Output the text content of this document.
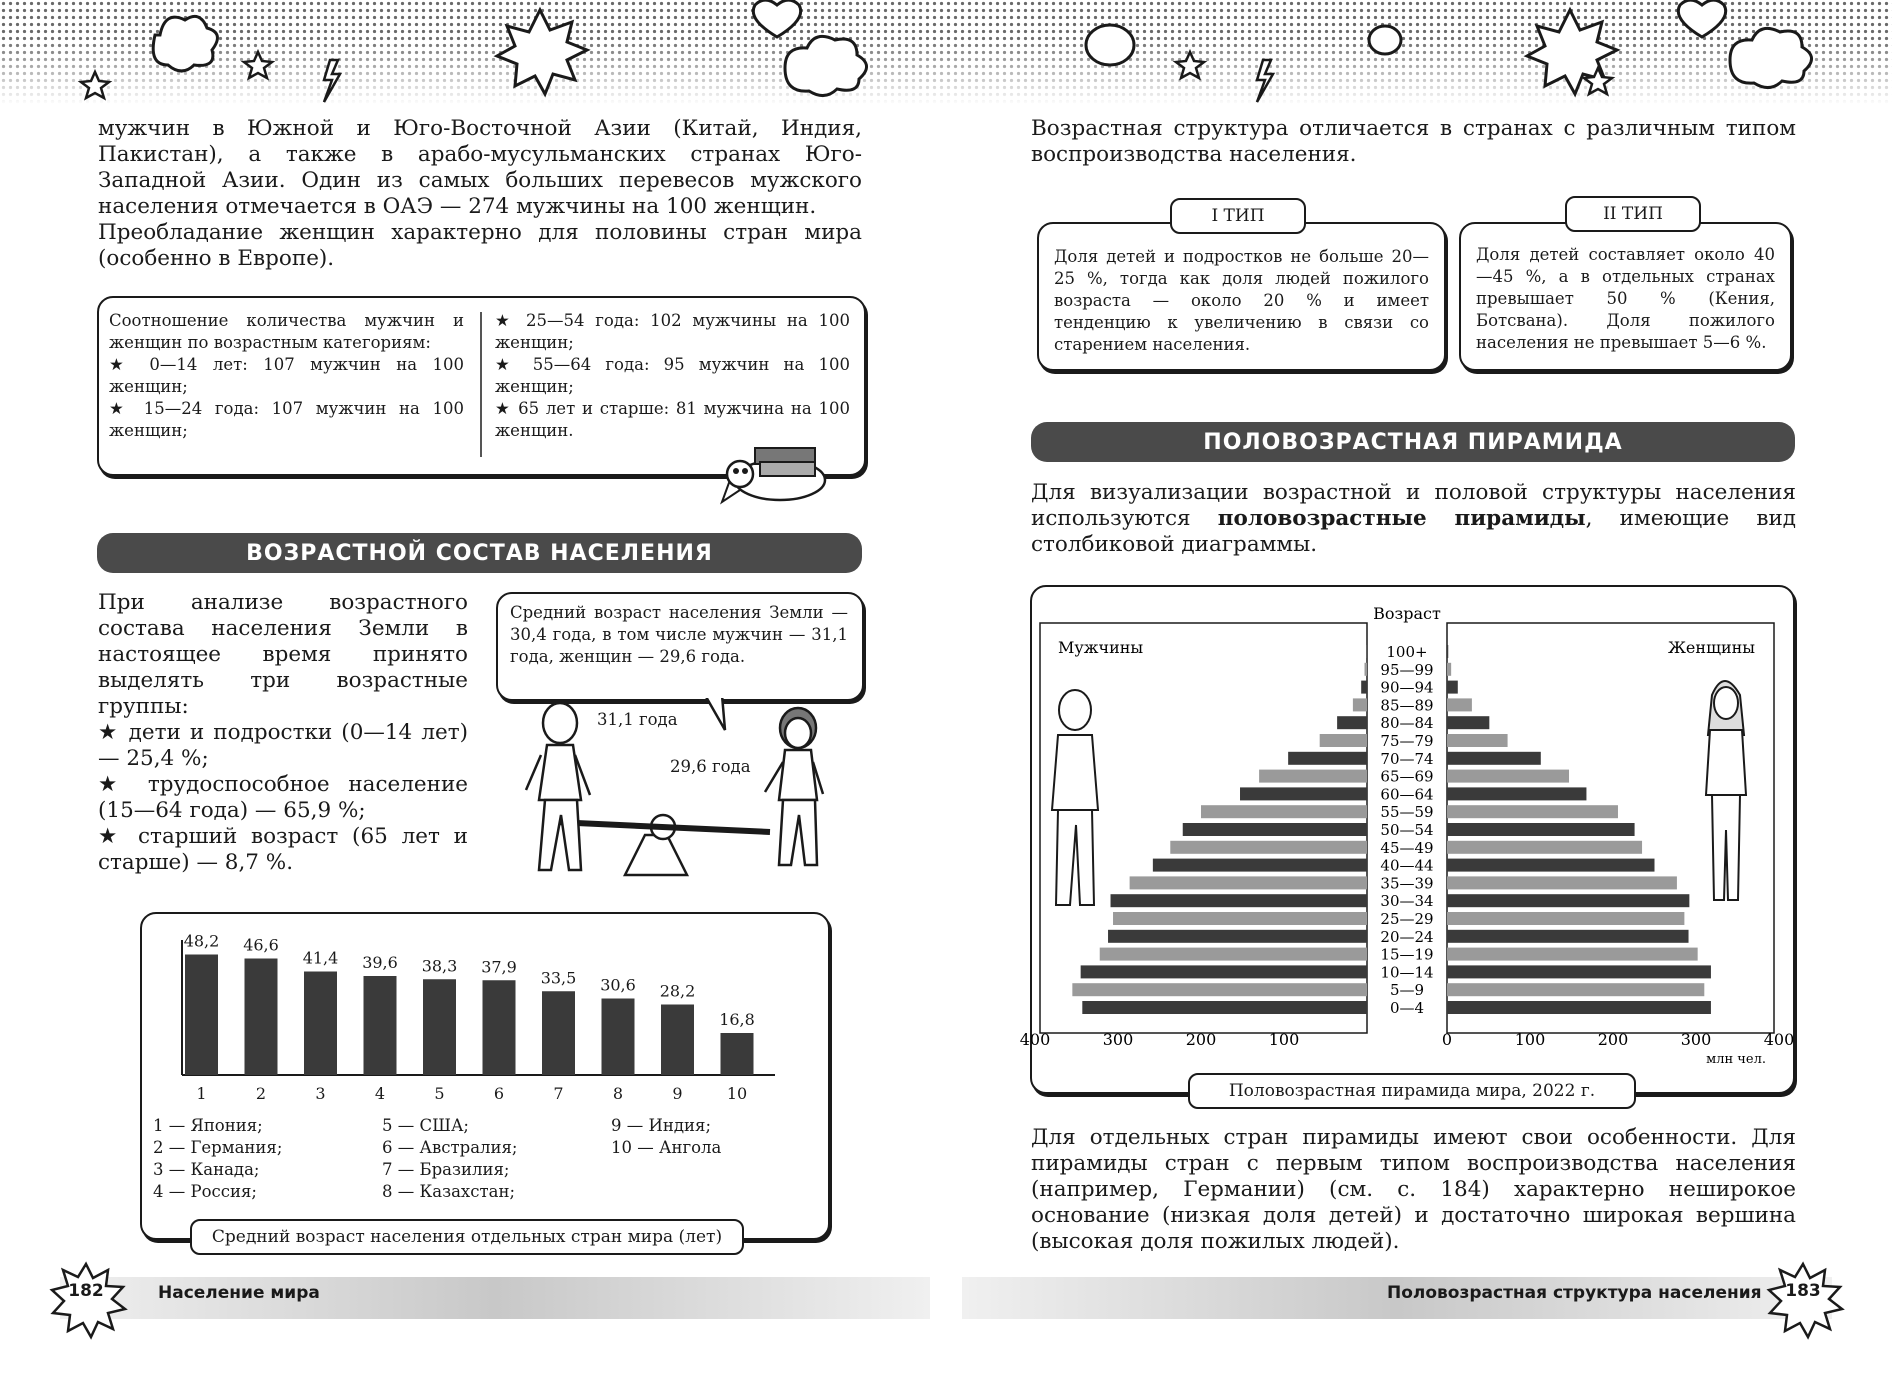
мужчин в Южной и Юго-Восточной Азии (Китай, Индия, Пакистан), а также в арабо-мусульманских странах Юго-Западной Азии. Один из самых больших перевесов мужского населения отмечается в ОАЭ — 274 мужчины на 100 женщин.

Преобладание женщин характерно для половины стран мира (особенно в Европе).

Соотношение количества мужчин и женщин по возрастным категориям:
★ 0—14 лет: 107 мужчин на 100 женщин;
★ 15—24 года: 107 мужчин на 100 женщин;
★ 25—54 года: 102 мужчины на 100 женщин;
★ 55—64 года: 95 мужчин на 100 женщин;
★ 65 лет и старше: 81 мужчина на 100 женщин.
ВОЗРАСТНОЙ СОСТАВ НАСЕЛЕНИЯ
При анализе возрастного состава населения Земли в настоящее время принято выделять три возрастные группы:
★ дети и подростки (0—14 лет) — 25,4 %;
★ трудоспособное население (15—64 года) — 65,9 %;
★ старший возраст (65 лет и старше) — 8,7 %.
Средний возраст населения Земли — 30,4 года, в том числе мужчин — 31,1 года, женщин — 29,6 года.
31,1 года
29,6 года
48,2
1
46,6
2
41,4
3
39,6
4
38,3
5
37,9
6
33,5
7
30,6
8
28,2
9
16,8
10
1 — Япония;
2 — Германия;
3 — Канада;
4 — Россия;
5 — США;
6 — Австралия;
7 — Бразилия;
8 — Казахстан;
9 — Индия;
10 — Ангола
Средний возраст населения отдельных стран мира (лет)
182	Население мира

Возрастная структура отличается в странах с различным типом воспроизводства населения.

Доля детей и подростков не больше 20—25 %, тогда как доля людей пожилого возраста — около 20 % и имеет тенденцию к увеличению в связи со старением населения.
I ТИП
Доля детей составляет около 40—45 %, а в отдельных странах превышает 50 % (Кения, Ботсвана). Доля пожилого населения не превышает 5—6 %.
II ТИП
ПОЛОВОЗРАСТНАЯ ПИРАМИДА

Для визуализации возрастной и половой структуры населения используются половозрастные пирамиды, имеющие вид столбиковой диаграммы.

Возраст
Мужчины	Женщины
100+
95—99
90—94
85—89
80—84
75—79
70—74
65—69
60—64
55—59
50—54
45—49
40—44
35—39
30—34
25—29
20—24
15—19
10—14
5—9
0—4
400	300	200	100	0	100	200	300	400
млн чел.
Половозрастная пирамида мира, 2022 г.

Для отдельных стран пирамиды имеют свои особенности. Для пирамиды стран с первым типом воспроизводства населения (например, Германии) (см. с. 184) характерно неширокое основание (низкая доля детей) и достаточно широкая вершина (высокая доля пожилых людей).

Половозрастная структура населения	183
